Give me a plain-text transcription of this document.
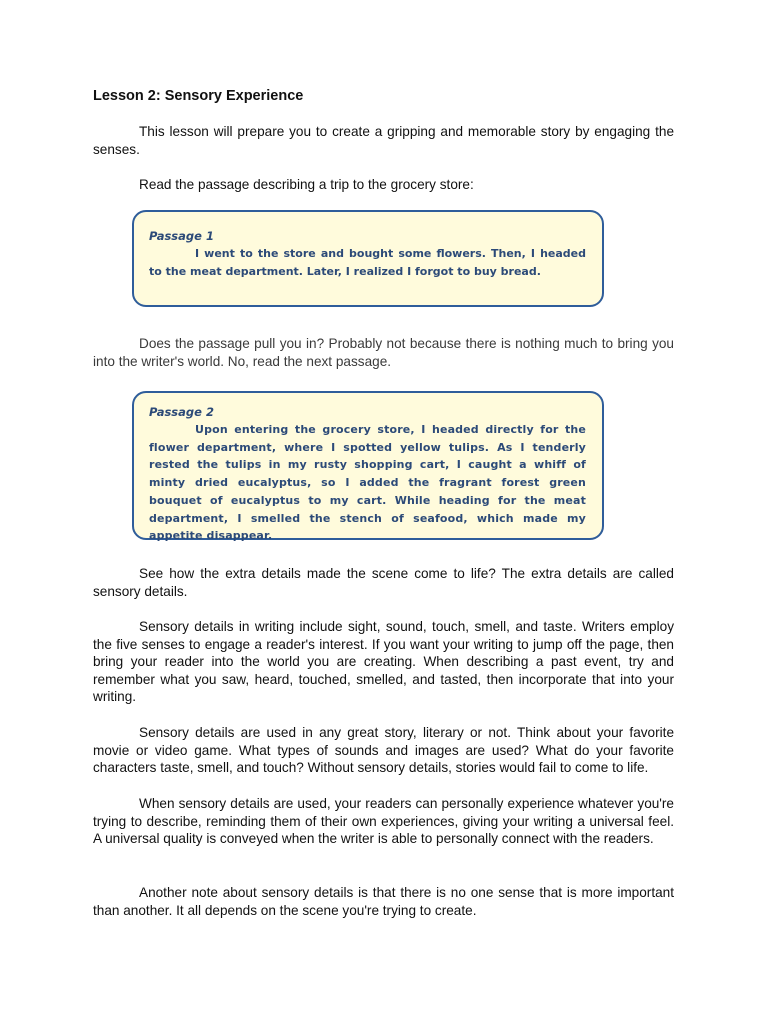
Lesson 2: Sensory Experience

This lesson will prepare you to create a gripping and memorable story by engaging the senses.

Read the passage describing a trip to the grocery store:

Passage 1

I went to the store and bought some flowers. Then, I headed to the meat department. Later, I realized I forgot to buy bread.

Does the passage pull you in? Probably not because there is nothing much to bring you into the writer's world. No, read the next passage.

Passage 2

Upon entering the grocery store, I headed directly for the flower department, where I spotted yellow tulips. As I tenderly rested the tulips in my rusty shopping cart, I caught a whiff of minty dried eucalyptus, so I added the fragrant forest green bouquet of eucalyptus to my cart. While heading for the meat department, I smelled the stench of seafood, which made my appetite disappear.

See how the extra details made the scene come to life? The extra details are called sensory details.

Sensory details in writing include sight, sound, touch, smell, and taste. Writers employ the five senses to engage a reader's interest. If you want your writing to jump off the page, then bring your reader into the world you are creating. When describing a past event, try and remember what you saw, heard, touched, smelled, and tasted, then incorporate that into your writing.

Sensory details are used in any great story, literary or not. Think about your favorite movie or video game. What types of sounds and images are used? What do your favorite characters taste, smell, and touch? Without sensory details, stories would fail to come to life.

When sensory details are used, your readers can personally experience whatever you're trying to describe, reminding them of their own experiences, giving your writing a universal feel. A universal quality is conveyed when the writer is able to personally connect with the readers.

Another note about sensory details is that there is no one sense that is more important than another. It all depends on the scene you're trying to create.
